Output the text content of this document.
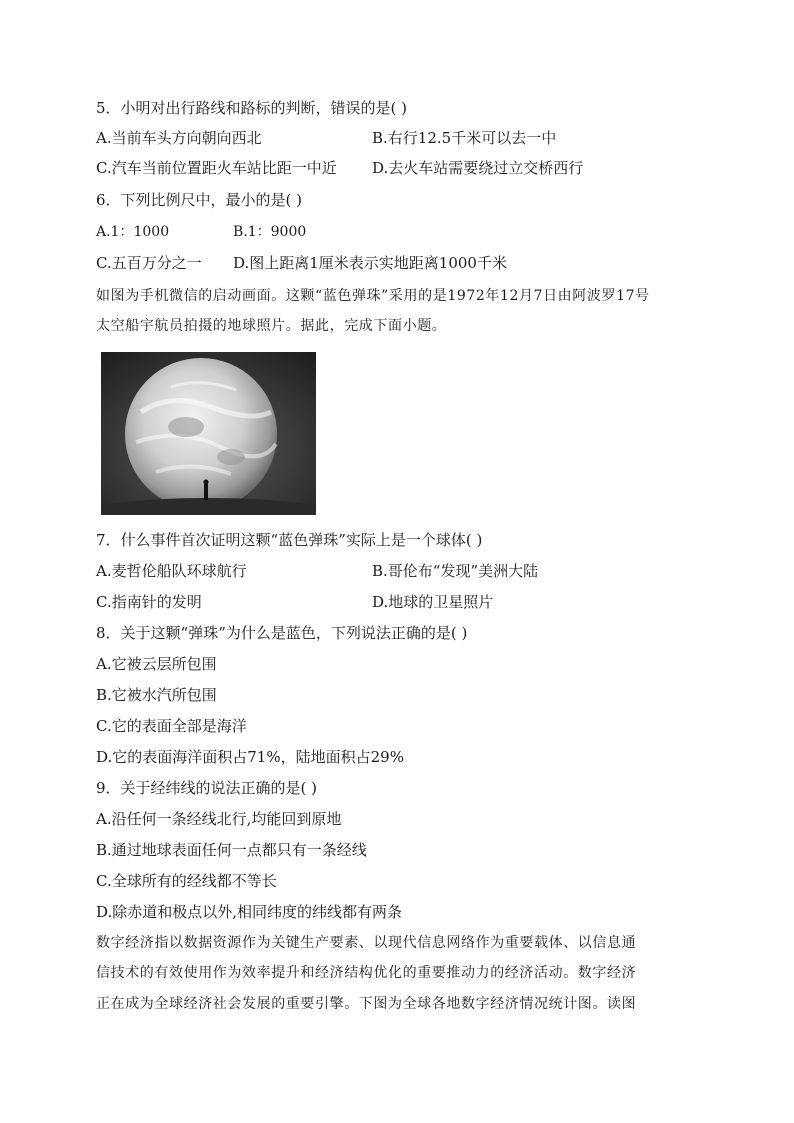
5．小明对出行路线和路标的判断，错误的是( )
A.当前车头方向朝向西北	B.右行12.5千米可以去一中
C.汽车当前位置距火车站比距一中近 D.去火车站需要绕过立交桥西行
6．下列比例尺中，最小的是( )
A.1：1000	B.1：9000
C.五百万分之一 D.图上距离1厘米表示实地距离1000千米
如图为手机微信的启动画面。这颗“蓝色弹珠”采用的是1972年12月7日由阿波罗17号
太空船宇航员拍摄的地球照片。据此，完成下面小题。
7．什么事件首次证明这颗“蓝色弹珠”实际上是一个球体( )
A.麦哲伦船队环球航行	B.哥伦布“发现”美洲大陆
C.指南针的发明	D.地球的卫星照片
8．关于这颗“弹珠”为什么是蓝色，下列说法正确的是( )
A.它被云层所包围
B.它被水汽所包围
C.它的表面全部是海洋
D.它的表面海洋面积占71%，陆地面积占29%
9．关于经纬线的说法正确的是( )
A.沿任何一条经线北行,均能回到原地
B.通过地球表面任何一点都只有一条经线
C.全球所有的经线都不等长
D.除赤道和极点以外,相同纬度的纬线都有两条
数字经济指以数据资源作为关键生产要素、以现代信息网络作为重要载体、以信息通
信技术的有效使用作为效率提升和经济结构优化的重要推动力的经济活动。数字经济
正在成为全球经济社会发展的重要引擎。下图为全球各地数字经济情况统计图。读图
